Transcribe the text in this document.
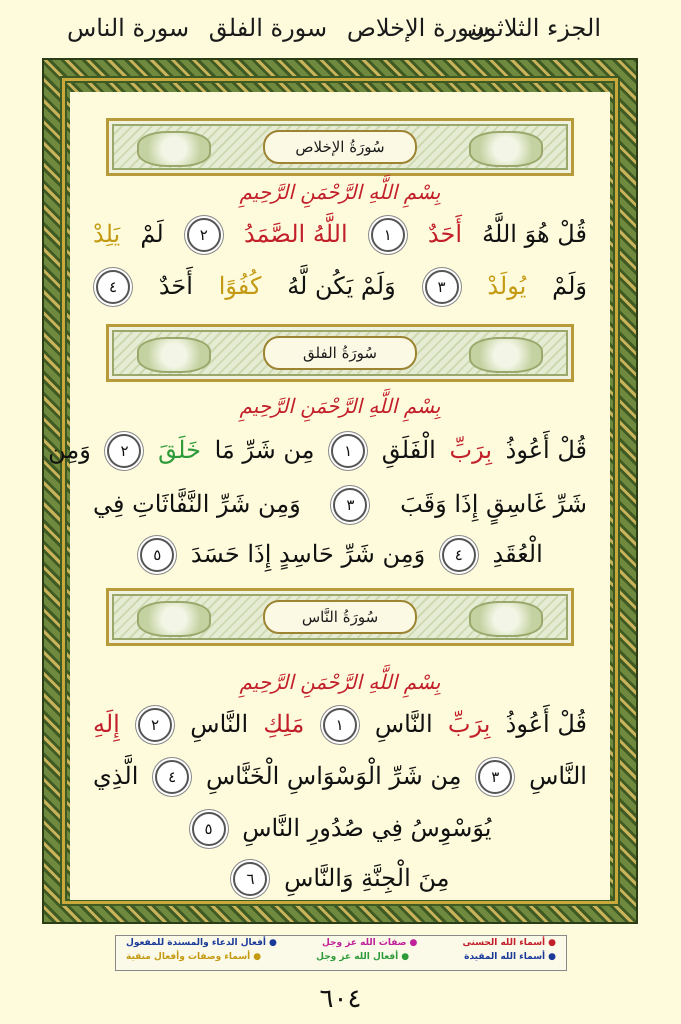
الجزء الثلاثون
سورة الإخلاص سورة الفلق سورة الناس
سُورَةُ الإخلاص
بِسْمِ اللَّهِ الرَّحْمَنِ الرَّحِيمِ
قُلْ هُوَ اللَّهُ أَحَدٌ ١ اللَّهُ الصَّمَدُ ٢ لَمْ يَلِدْ
وَلَمْ يُولَدْ ٣ وَلَمْ يَكُن لَّهُ كُفُوًا أَحَدٌ ٤
سُورَةُ الفلق
بِسْمِ اللَّهِ الرَّحْمَنِ الرَّحِيمِ
قُلْ أَعُوذُ بِرَبِّ الْفَلَقِ ١ مِن شَرِّ مَا خَلَقَ ٢ وَمِن
شَرِّ غَاسِقٍ إِذَا وَقَبَ ٣ وَمِن شَرِّ النَّفَّاثَاتِ فِي
الْعُقَدِ ٤ وَمِن شَرِّ حَاسِدٍ إِذَا حَسَدَ ٥
سُورَةُ النَّاس
بِسْمِ اللَّهِ الرَّحْمَنِ الرَّحِيمِ
قُلْ أَعُوذُ بِرَبِّ النَّاسِ ١ مَلِكِ النَّاسِ ٢ إِلَهِ
النَّاسِ ٣ مِن شَرِّ الْوَسْوَاسِ الْخَنَّاسِ ٤ الَّذِي
يُوَسْوِسُ فِي صُدُورِ النَّاسِ ٥
مِنَ الْجِنَّةِ وَالنَّاسِ ٦
●أسماء الله الحسنى
●صفات الله عز وجل
●أفعال الدعاء والمسندة للمفعول
●أسماء الله المقيدة
●أفعال الله عز وجل
●أسماء وصفات وأفعال منفية
٦٠٤
